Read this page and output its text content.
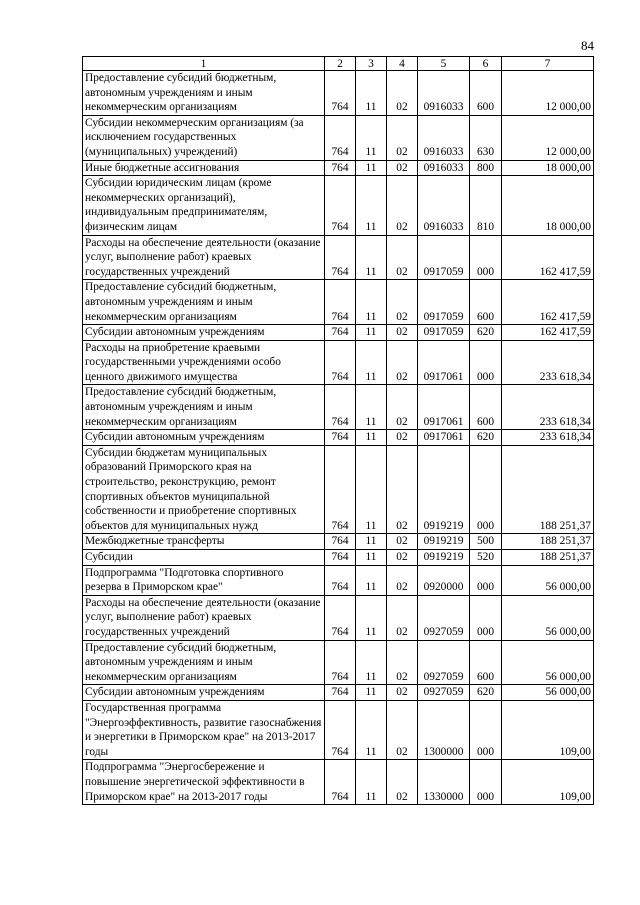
84
1	2	3	4	5	6	7
Предоставление субсидий бюджетным, автономным учреждениям и иным некоммерческим организациям	764	11	02	0916033	600	12 000,00
Субсидии некоммерческим организациям (за исключением государственных (муниципальных) учреждений)	764	11	02	0916033	630	12 000,00
Иные бюджетные ассигнования	764	11	02	0916033	800	18 000,00
Субсидии юридическим лицам (кроме некоммерческих организаций), индивидуальным предпринимателям, физическим лицам	764	11	02	0916033	810	18 000,00
Расходы на обеспечение деятельности (оказание услуг, выполнение работ) краевых государственных учреждений	764	11	02	0917059	000	162 417,59
Предоставление субсидий бюджетным, автономным учреждениям и иным некоммерческим организациям	764	11	02	0917059	600	162 417,59
Субсидии автономным учреждениям	764	11	02	0917059	620	162 417,59
Расходы на приобретение краевыми государственными учреждениями особо ценного движимого имущества	764	11	02	0917061	000	233 618,34
Предоставление субсидий бюджетным, автономным учреждениям и иным некоммерческим организациям	764	11	02	0917061	600	233 618,34
Субсидии автономным учреждениям	764	11	02	0917061	620	233 618,34
Субсидии бюджетам муниципальных образований Приморского края на строительство, реконструкцию, ремонт спортивных объектов муниципальной собственности и приобретение спортивных объектов для муниципальных нужд	764	11	02	0919219	000	188 251,37
Межбюджетные трансферты	764	11	02	0919219	500	188 251,37
Субсидии	764	11	02	0919219	520	188 251,37
Подпрограмма "Подготовка спортивного резерва в Приморском крае"	764	11	02	0920000	000	56 000,00
Расходы на обеспечение деятельности (оказание услуг, выполнение работ) краевых государственных учреждений	764	11	02	0927059	000	56 000,00
Предоставление субсидий бюджетным, автономным учреждениям и иным некоммерческим организациям	764	11	02	0927059	600	56 000,00
Субсидии автономным учреждениям	764	11	02	0927059	620	56 000,00
Государственная программа "Энергоэффективность, развитие газоснабжения и энергетики в Приморском крае" на 2013-2017 годы	764	11	02	1300000	000	109,00
Подпрограмма "Энергосбережение и повышение энергетической эффективности в Приморском крае" на 2013-2017 годы	764	11	02	1330000	000	109,00
